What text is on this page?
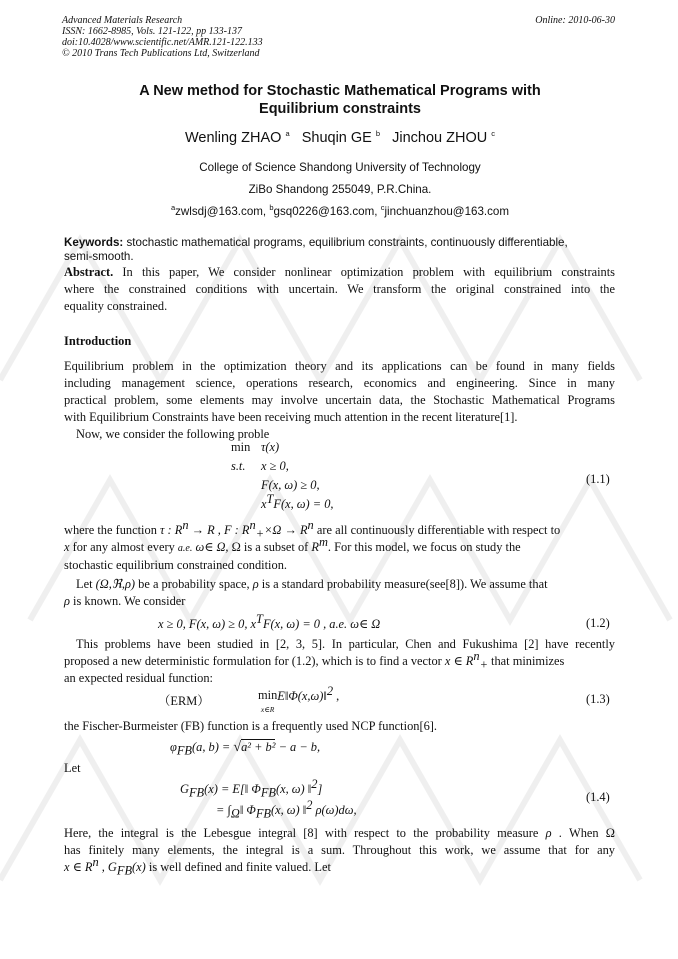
Advanced Materials Research
ISSN: 1662-8985, Vols. 121-122, pp 133-137
doi:10.4028/www.scientific.net/AMR.121-122.133
© 2010 Trans Tech Publications Ltd, Switzerland
Online: 2010-06-30
A New method for Stochastic Mathematical Programs with
Equilibrium constraints
Wenling ZHAO $^a$ Shuqin GE $^b$ Jinchou ZHOU $^c$
College of Science Shandong University of Technology
ZiBo Shandong 255049, P.R.China.
$^a$zwlsdj@163.com, $^b$gsq0226@163.com, $^c$jinchuanzhou@163.com
Keywords: stochastic mathematical programs, equilibrium constraints, continuously differentiable,
semi-smooth.
Abstract. In this paper, We consider nonlinear optimization problem with equilibrium constraints
where the constrained conditions with uncertain. We transform the original constrained into the
equality constrained.
Introduction
Equilibrium problem in the optimization theory and its applications can be found in many fields
including management science, operations research, economics and engineering. Since in many
practical problem, some elements may involve uncertain data, the Stochastic Mathematical Programs
with Equilibrium Constraints have been receiving much attention in the recent literature[1].
Now, we consider the following proble
min τ(x)
s.t. x ≥ 0,
F(x, ω) ≥ 0,
$x^TF(x$, ω) = 0,
(1.1)
where the function τ : $R^n \to R$ , F : $R^n_+\times\Omega \to R^n$ are all continuously differentiable with respect to
x for any almost every a.e. ω∈ Ω, Ω is a subset of $R^m$. For this model, we focus on study the
stochastic equilibrium constrained condition.
Let (Ω,ℜ,ρ) be a probability space, ρ is a standard probability measure(see[8]). We assume that
ρ is known. We consider
x ≥ 0, F(x, ω) ≥ 0, $x^TF(x$, ω) = 0 , a.e. ω∈ Ω	(1.2)
This problems have been studied in [2, 3, 5]. In particular, Chen and Fukushima [2] have recently
proposed a new deterministic formulation for (1.2), which is to find a vector x ∈ $R^n_+$ that minimizes
an expected residual function:
（ERM）	min
x∈RE‖Φ(x,ω)‖$^2$ ,	(1.3)
the Fischer-Burmeister (FB) function is a frequently used NCP function[6].
$\varphi_{FB}(a$, b) = √a² + b² − a − b,
Let
$G_{FB}(x)$ = E[‖ $\Phi_{FB}(x$, ω) ‖$^2$]
= $\int_\Omega‖$ $\Phi_{FB}(x$, ω) ‖$^2$ ρ(ω)dω,
(1.4)
Here, the integral is the Lebesgue integral [8] with respect to the probability measure ρ . When Ω
has finitely many elements, the integral is a sum. Throughout this work, we assume that for any
x ∈ $R^n$ , $G_{FB}(x)$ is well defined and finite valued. Let
